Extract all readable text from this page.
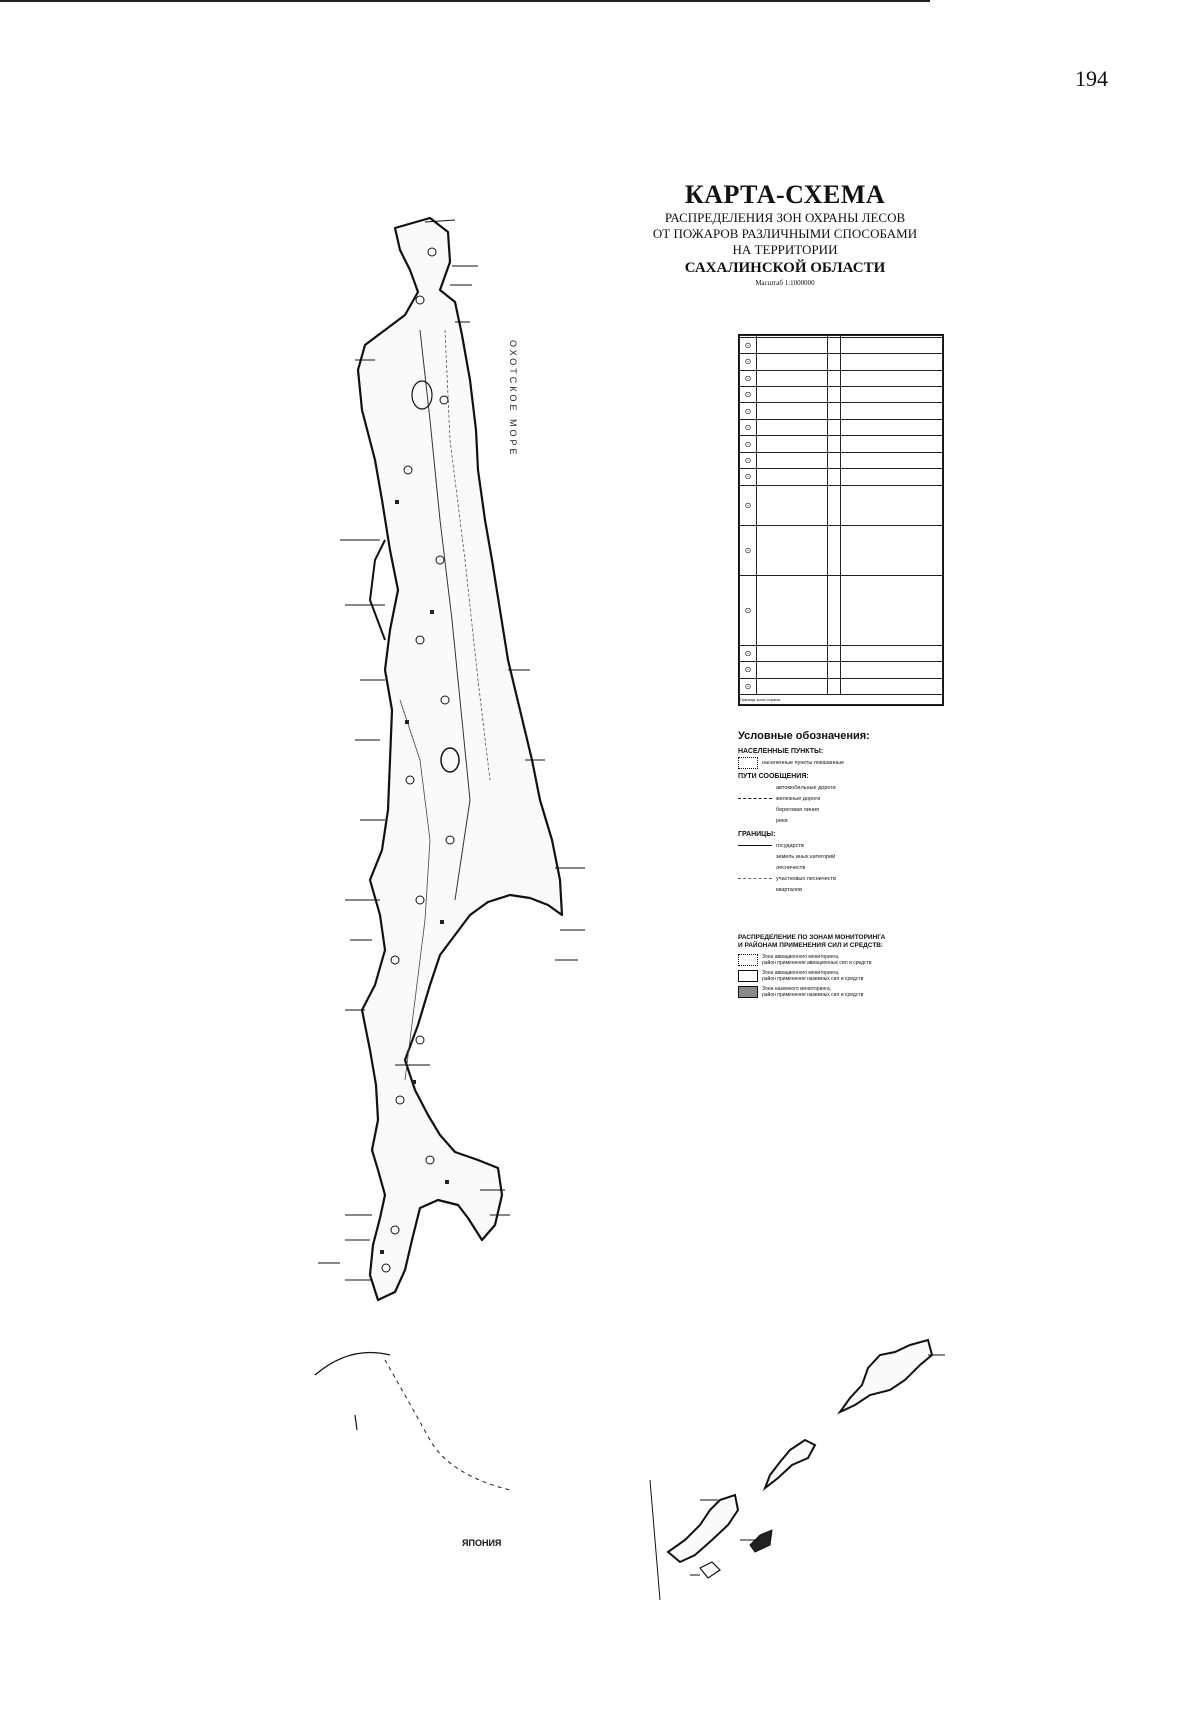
194
КАРТА-СХЕМА
РАСПРЕДЕЛЕНИЯ ЗОН ОХРАНЫ ЛЕСОВ
ОТ ПОЖАРОВ РАЗЛИЧНЫМИ СПОСОБАМИ
НА ТЕРРИТОРИИ
САХАЛИНСКОЙ ОБЛАСТИ
Масштаб 1:1000000
ОХОТСКОЕ МОРЕ
ЯПОНИЯ

⊙			
⊙			
⊙			
⊙			
⊙			
⊙			
⊙			
⊙			
⊙			
⊙			
⊙			
⊙			
⊙			
⊙			
⊙			
Граница зоны охраны			
Условные обозначения:
НАСЕЛЕННЫЕ ПУНКТЫ:
населенные пункты показанные
ПУТИ СООБЩЕНИЯ:
автомобильные дороги
железные дороги
береговая линия
реки
ГРАНИЦЫ:
государств
земель иных категорий
лесничеств
участковых лесничеств
кварталов
РАСПРЕДЕЛЕНИЕ ПО ЗОНАМ МОНИТОРИНГА
И РАЙОНАМ ПРИМЕНЕНИЯ СИЛ И СРЕДСТВ:
Зона авиационного мониторинга,
район применения авиационных сил и средств
Зона авиационного мониторинга,
район применения наземных сил и средств
Зона наземного мониторинга,
район применения наземных сил и средств
